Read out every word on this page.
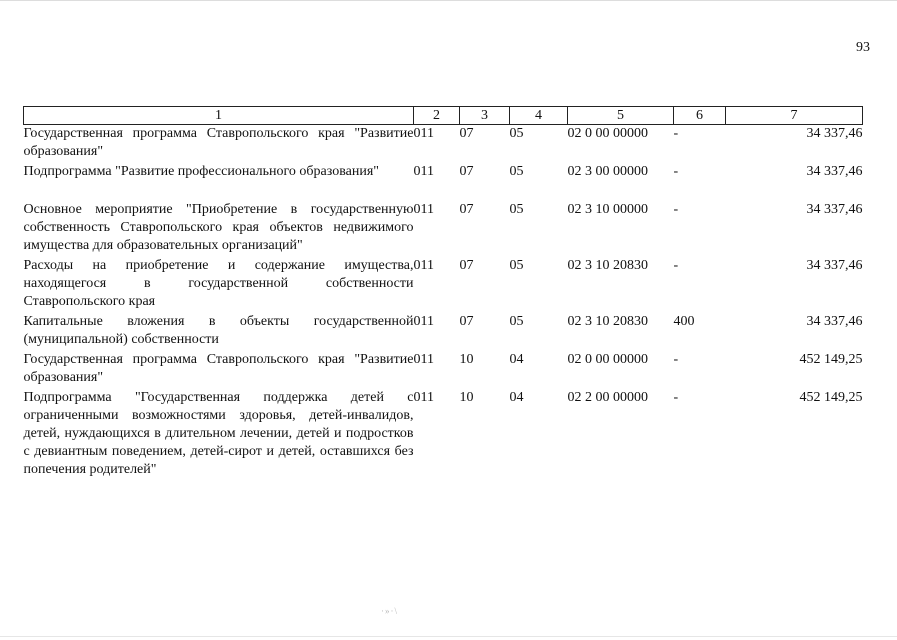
93
1	2	3	4	5	6	7
Государственная программа Ставропольского края "Развитие образования"	011	07	05	02 0 00 00000	-	34 337,46
Подпрограмма "Развитие профессионального образования"	011	07	05	02 3 00 00000	-	34 337,46
Основное мероприятие "Приобретение в государственную собственность Ставропольского края объектов недвижимого имущества для образовательных организаций"	011	07	05	02 3 10 00000	-	34 337,46
Расходы на приобретение и содержание имущества, находящегося в государственной собственности Ставропольского края	011	07	05	02 3 10 20830	-	34 337,46
Капитальные вложения в объекты государственной (муниципальной) собственности	011	07	05	02 3 10 20830	400	34 337,46
Государственная программа Ставропольского края "Развитие образования"	011	10	04	02 0 00 00000	-	452 149,25
Подпрограмма "Государственная поддержка детей с ограниченными возможностями здоровья, детей-инвалидов, детей, нуждающихся в длительном лечении, детей и подростков с девиантным поведением, детей-сирот и детей, оставшихся без попечения родителей"	011	10	04	02 2 00 00000	-	452 149,25
·»·\
